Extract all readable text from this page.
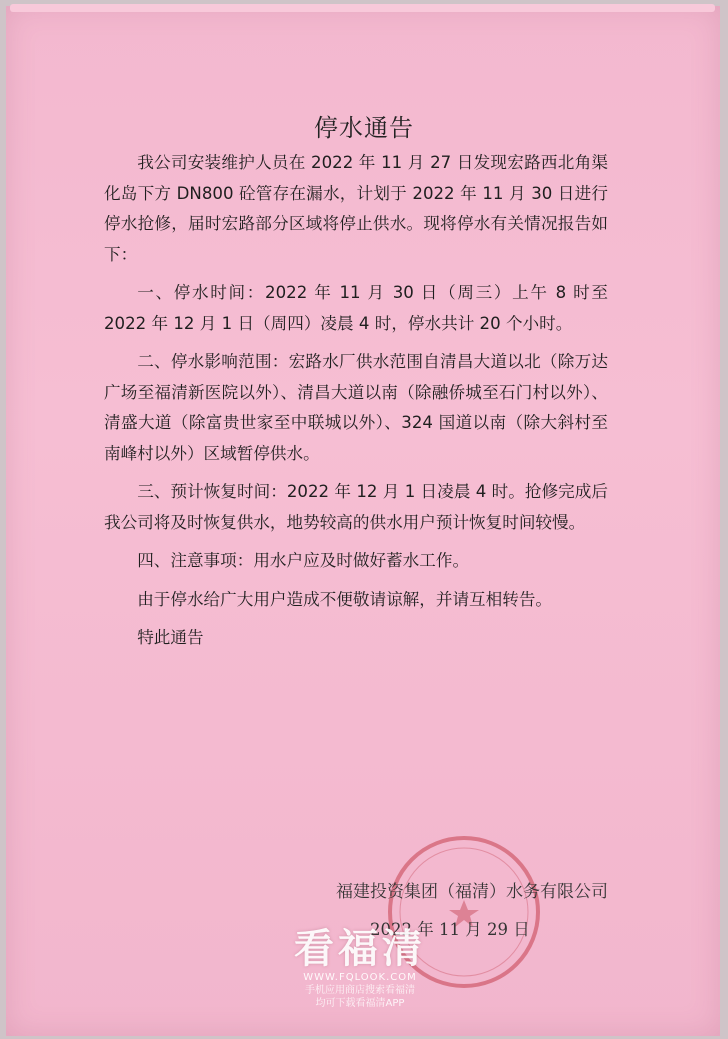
停水通告

我公司安装维护人员在 2022 年 11 月 27 日发现宏路西北角渠化岛下方 DN800 砼管存在漏水，计划于 2022 年 11 月 30 日进行停水抢修，届时宏路部分区域将停止供水。现将停水有关情况报告如下：

一、停水时间：2022 年 11 月 30 日（周三）上午 8 时至 2022 年 12 月 1 日（周四）凌晨 4 时，停水共计 20 个小时。

二、停水影响范围：宏路水厂供水范围自清昌大道以北（除万达广场至福清新医院以外）、清昌大道以南（除融侨城至石门村以外）、清盛大道（除富贵世家至中联城以外）、324 国道以南（除大斜村至南峰村以外）区域暂停供水。

三、预计恢复时间：2022 年 12 月 1 日凌晨 4 时。抢修完成后我公司将及时恢复供水，地势较高的供水用户预计恢复时间较慢。

四、注意事项：用水户应及时做好蓄水工作。

由于停水给广大用户造成不便敬请谅解，并请互相转告。

特此通告

福建投资集团（福清）水务有限公司
2022 年 11 月 29 日
看福清
WWW.FQLOOK.COM
手机应用商店搜索看福清
均可下载看福清APP
